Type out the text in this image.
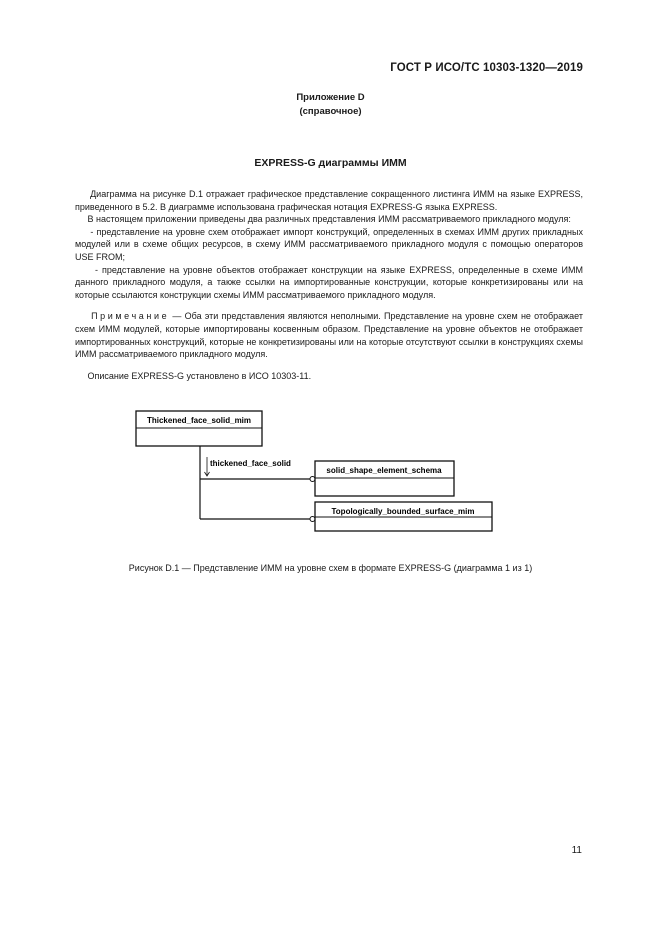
ГОСТ Р ИСО/ТС 10303-1320—2019
Приложение D
(справочное)
EXPRESS-G диаграммы ИММ

Диаграмма на рисунке D.1 отражает графическое представление сокращенного листинга ИММ на языке EXPRESS, приведенного в 5.2. В диаграмме использована графическая нотация EXPRESS-G языка EXPRESS.

В настоящем приложении приведены два различных представления ИММ рассматриваемого прикладного модуля:

- представление на уровне схем отображает импорт конструкций, определенных в схемах ИММ других прикладных модулей или в схеме общих ресурсов, в схему ИММ рассматриваемого прикладного модуля с помощью операторов USE FROM;

- представление на уровне объектов отображает конструкции на языке EXPRESS, определенные в схеме ИММ данного прикладного модуля, а также ссылки на импортированные конструкции, которые конкретизированы или на которые ссылаются конструкции схемы ИММ рассматриваемого прикладного модуля.

Примечание — Оба эти представления являются неполными. Представление на уровне схем не отображает схем ИММ модулей, которые импортированы косвенным образом. Представление на уровне объектов не отображает импортированных конструкций, которые не конкретизированы или на которые отсутствуют ссылки в конструкциях схемы ИММ рассматриваемого прикладного модуля.

Описание EXPRESS-G установлено в ИСО 10303-11.

Thickened_face_solid_mim
thickened_face_solid
solid_shape_element_schema
Topologically_bounded_surface_mim
Рисунок D.1 — Представление ИММ на уровне схем в формате EXPRESS-G (диаграмма 1 из 1)
11
